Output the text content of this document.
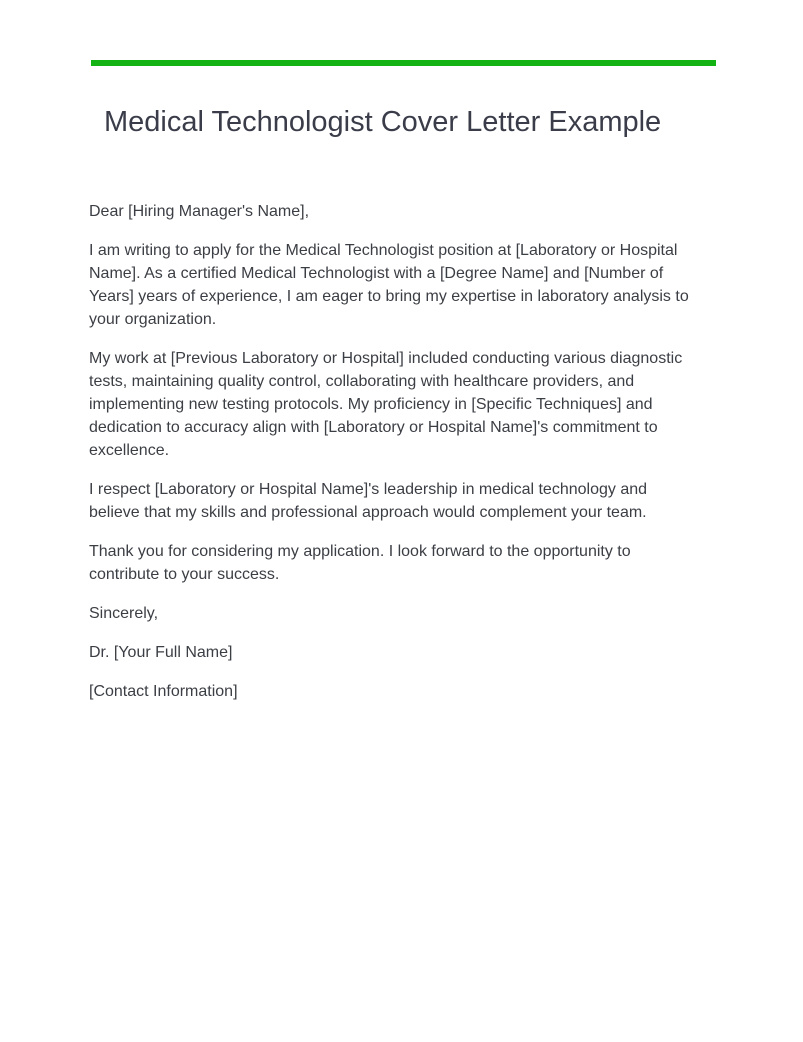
Medical Technologist Cover Letter Example

Dear [Hiring Manager's Name],

I am writing to apply for the Medical Technologist position at [Laboratory or Hospital Name]. As a certified Medical Technologist with a [Degree Name] and [Number of Years] years of experience, I am eager to bring my expertise in laboratory analysis to your organization.

My work at [Previous Laboratory or Hospital] included conducting various diagnostic tests, maintaining quality control, collaborating with healthcare providers, and implementing new testing protocols. My proficiency in [Specific Techniques] and dedication to accuracy align with [Laboratory or Hospital Name]'s commitment to excellence.

I respect [Laboratory or Hospital Name]'s leadership in medical technology and believe that my skills and professional approach would complement your team.

Thank you for considering my application. I look forward to the opportunity to contribute to your success.

Sincerely,

Dr. [Your Full Name]

[Contact Information]
